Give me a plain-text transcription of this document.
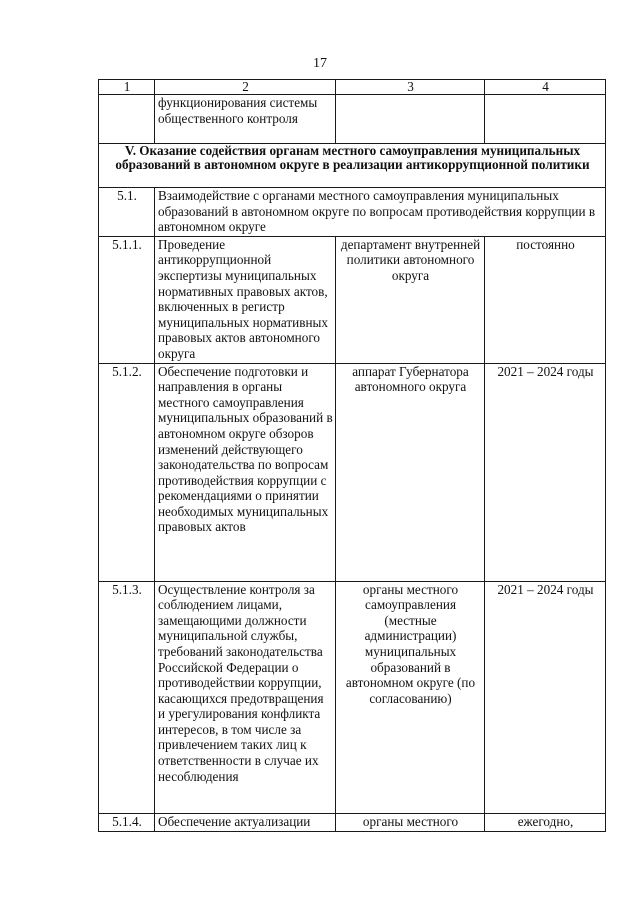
17
1	2	3	4
	функционирования системы общественного контроля		
V. Оказание содействия органам местного самоуправления муниципальных образований в автономном округе в реализации антикоррупционной политики			
5.1.	Взаимодействие с органами местного самоуправления муниципальных образований в автономном округе по вопросам противодействия коррупции в автономном округе		
5.1.1.	Проведение антикоррупционной экспертизы муниципальных нормативных правовых актов, включенных в регистр муниципальных нормативных правовых актов автономного округа	департамент внутренней политики автономного округа	постоянно
5.1.2.	Обеспечение подготовки и направления в органы местного самоуправления муниципальных образований в автономном округе обзоров изменений действующего законодательства по вопросам противодействия коррупции с рекомендациями о принятии необходимых муниципальных правовых актов	аппарат Губернатора автономного округа	2021 – 2024 годы
5.1.3.	Осуществление контроля за соблюдением лицами, замещающими должности муниципальной службы, требований законодательства Российской Федерации о противодействии коррупции, касающихся предотвращения и урегулирования конфликта интересов, в том числе за привлечением таких лиц к ответственности в случае их несоблюдения	органы местного самоуправления (местные администрации) муниципальных образований в автономном округе (по согласованию)	2021 – 2024 годы
5.1.4.	Обеспечение актуализации	органы местного	ежегодно,
